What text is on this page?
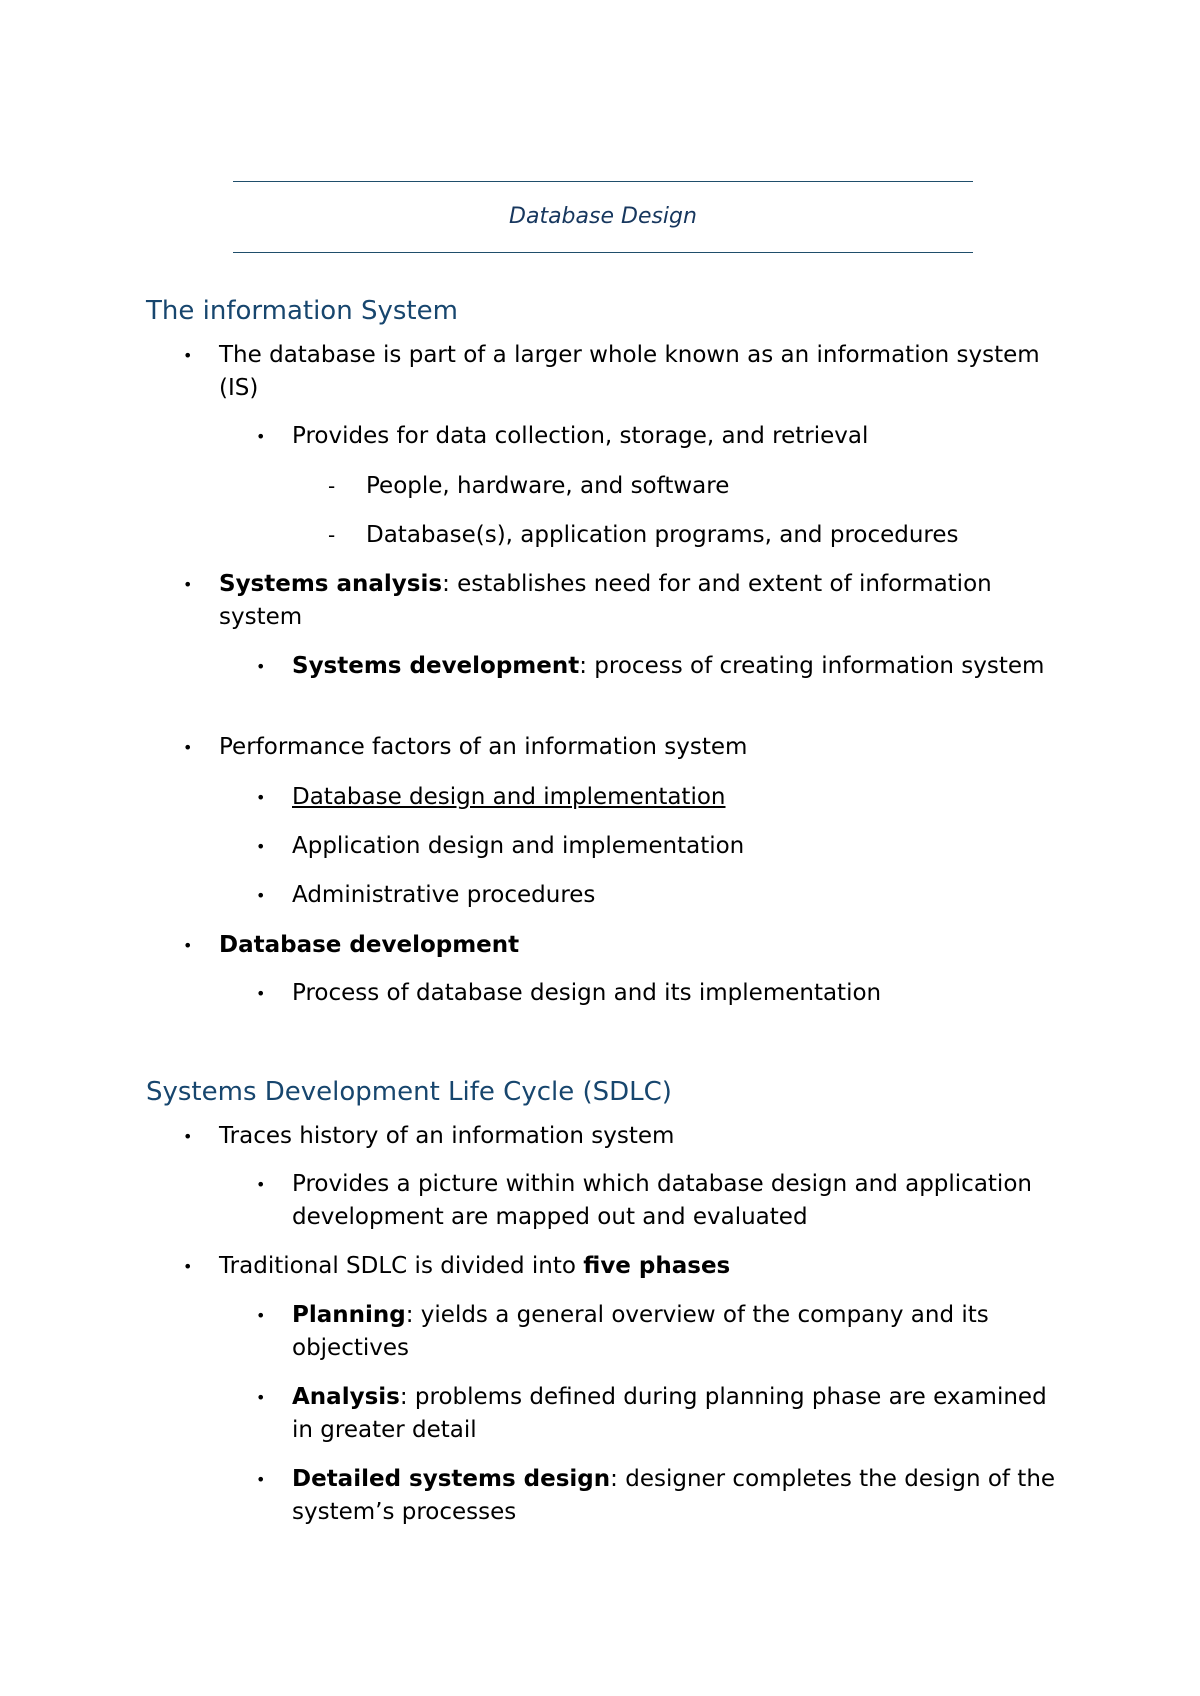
Database Design
The information System
• The database is part of a larger whole known as an information system (IS)
• Provides for data collection, storage, and retrieval
- People, hardware, and software
- Database(s), application programs, and procedures
• Systems analysis: establishes need for and extent of information system
• Systems development: process of creating information system
• Performance factors of an information system
• Database design and implementation
• Application design and implementation
• Administrative procedures
• Database development
• Process of database design and its implementation
Systems Development Life Cycle (SDLC)
• Traces history of an information system
• Provides a picture within which database design and application development are mapped out and evaluated
• Traditional SDLC is divided into five phases
• Planning: yields a general overview of the company and its objectives
• Analysis: problems defined during planning phase are examined in greater detail
• Detailed systems design: designer completes the design of the system’s processes
